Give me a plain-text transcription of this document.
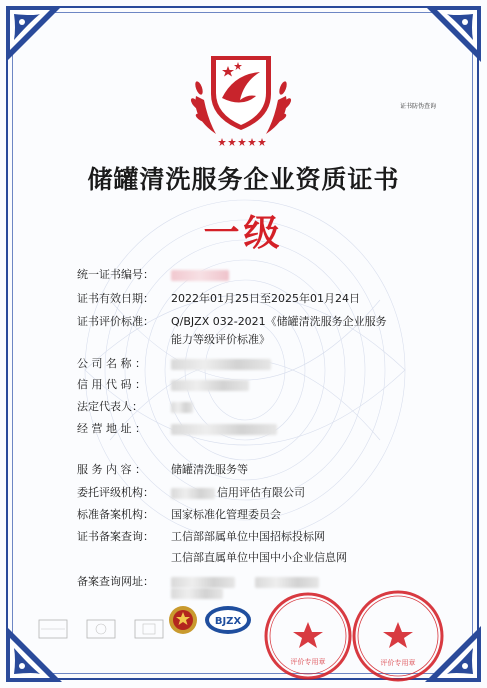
证书防伪查询
储罐清洗服务企业资质证书
一级
统一证书编号：
证书有效日期： 2022年01月25日至2025年01月24日
证书评价标准： Q/BJZX 032-2021《储罐清洗服务企业服务
能力等级评价标准》
公 司 名 称 ：
信 用 代 码 ：
法定代表人：
经 营 地 址 ：
服 务 内 容 ： 储罐清洗服务等
委托评级机构：	信用评估有限公司
标准备案机构： 国家标准化管理委员会
证书备案查询： 工信部部属单位中国招标投标网
工信部直属单位中国中小企业信息网
备案查询网址：
BJZX
评价专用章	评价专用章
